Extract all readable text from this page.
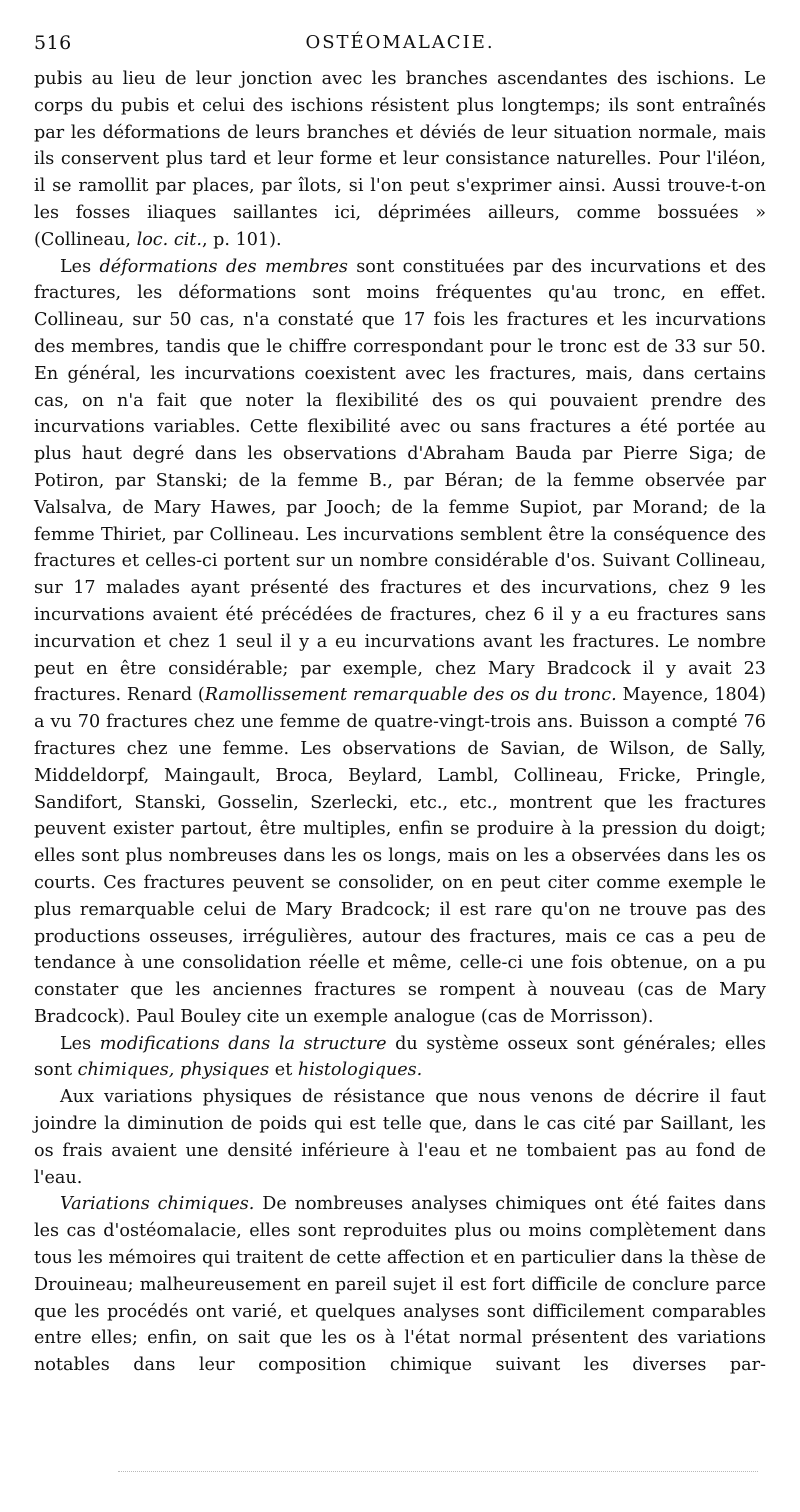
516	OSTÉOMALACIE.

pubis au lieu de leur jonction avec les branches ascendantes des ischions. Le corps du pubis et celui des ischions résistent plus longtemps; ils sont entraînés par les déformations de leurs branches et déviés de leur situation normale, mais ils conservent plus tard et leur forme et leur consistance naturelles. Pour l'iléon, il se ramollit par places, par îlots, si l'on peut s'exprimer ainsi. Aussi trouve-t-on les fosses iliaques saillantes ici, déprimées ailleurs, comme bossuées » (Collineau, loc. cit., p. 101).

Les déformations des membres sont constituées par des incurvations et des fractures, les déformations sont moins fréquentes qu'au tronc, en effet. Collineau, sur 50 cas, n'a constaté que 17 fois les fractures et les incurvations des membres, tandis que le chiffre correspondant pour le tronc est de 33 sur 50. En général, les incurvations coexistent avec les fractures, mais, dans certains cas, on n'a fait que noter la flexibilité des os qui pouvaient prendre des incurvations variables. Cette flexibilité avec ou sans fractures a été portée au plus haut degré dans les observations d'Abraham Bauda par Pierre Siga; de Potiron, par Stanski; de la femme B., par Béran; de la femme observée par Valsalva, de Mary Hawes, par Jooch; de la femme Supiot, par Morand; de la femme Thiriet, par Collineau. Les incurvations semblent être la conséquence des fractures et celles-ci portent sur un nombre considérable d'os. Suivant Collineau, sur 17 malades ayant présenté des fractures et des incurvations, chez 9 les incurvations avaient été précédées de fractures, chez 6 il y a eu fractures sans incurvation et chez 1 seul il y a eu incurvations avant les fractures. Le nombre peut en être considérable; par exemple, chez Mary Bradcock il y avait 23 fractures. Renard (Ramollissement remarquable des os du tronc. Mayence, 1804) a vu 70 fractures chez une femme de quatre-vingt-trois ans. Buisson a compté 76 fractures chez une femme. Les observations de Savian, de Wilson, de Sally, Middeldorpf, Maingault, Broca, Beylard, Lambl, Collineau, Fricke, Pringle, Sandifort, Stanski, Gosselin, Szerlecki, etc., etc., montrent que les fractures peuvent exister partout, être multiples, enfin se produire à la pression du doigt; elles sont plus nombreuses dans les os longs, mais on les a observées dans les os courts. Ces fractures peuvent se consolider, on en peut citer comme exemple le plus remarquable celui de Mary Bradcock; il est rare qu'on ne trouve pas des productions osseuses, irrégulières, autour des fractures, mais ce cas a peu de tendance à une consolidation réelle et même, celle-ci une fois obtenue, on a pu constater que les anciennes fractures se rompent à nouveau (cas de Mary Bradcock). Paul Bouley cite un exemple analogue (cas de Morrisson).

Les modifications dans la structure du système osseux sont générales; elles sont chimiques, physiques et histologiques.

Aux variations physiques de résistance que nous venons de décrire il faut joindre la diminution de poids qui est telle que, dans le cas cité par Saillant, les os frais avaient une densité inférieure à l'eau et ne tombaient pas au fond de l'eau.

Variations chimiques. De nombreuses analyses chimiques ont été faites dans les cas d'ostéomalacie, elles sont reproduites plus ou moins complètement dans tous les mémoires qui traitent de cette affection et en particulier dans la thèse de Drouineau; malheureusement en pareil sujet il est fort difficile de conclure parce que les procédés ont varié, et quelques analyses sont difficilement comparables entre elles; enfin, on sait que les os à l'état normal présentent des variations notables dans leur composition chimique suivant les diverses par-
